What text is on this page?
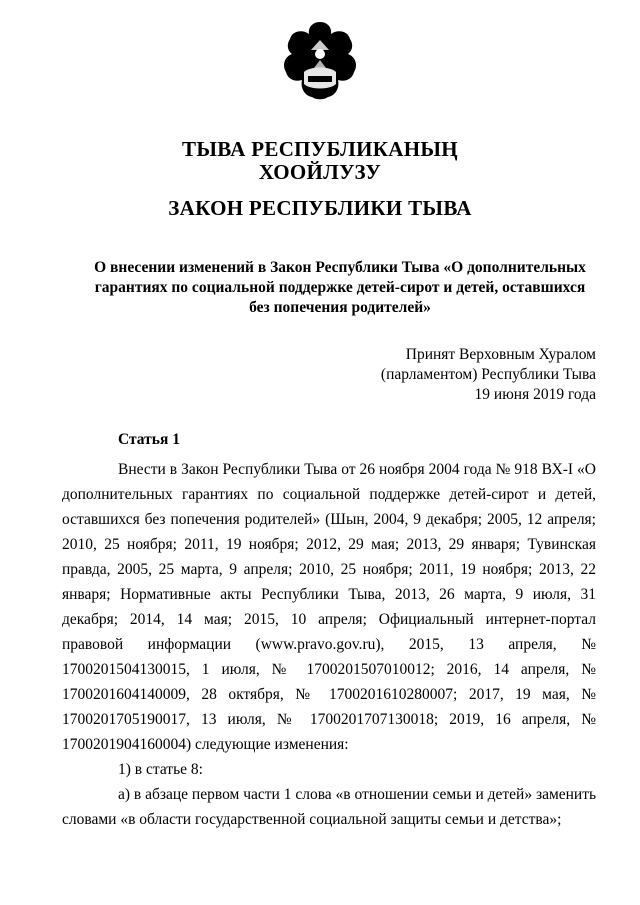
ТЫВА РЕСПУБЛИКАНЫҢ
ХООЙЛУЗУ
ЗАКОН РЕСПУБЛИКИ ТЫВА
О внесении изменений в Закон Республики Тыва «О дополнительных
гарантиях по социальной поддержке детей-сирот и детей, оставшихся
без попечения родителей»
Принят Верховным Хуралом
(парламентом) Республики Тыва
19 июня 2019 года
Статья 1
Внести в Закон Республики Тыва от 26 ноября 2004 года № 918 ВХ-I «О
дополнительных гарантиях по социальной поддержке детей-сирот и детей,
оставшихся без попечения родителей» (Шын, 2004, 9 декабря; 2005, 12 апреля;
2010, 25 ноября; 2011, 19 ноября; 2012, 29 мая; 2013, 29 января; Тувинская
правда, 2005, 25 марта, 9 апреля; 2010, 25 ноября; 2011, 19 ноября; 2013, 22
января; Нормативные акты Республики Тыва, 2013, 26 марта, 9 июля, 31
декабря; 2014, 14 мая; 2015, 10 апреля; Официальный интернет-портал
правовой информации (www.pravo.gov.ru), 2015, 13 апреля, №
1700201504130015, 1 июля, № 1700201507010012; 2016, 14 апреля, №
1700201604140009, 28 октября, № 1700201610280007; 2017, 19 мая, №
1700201705190017, 13 июля, № 1700201707130018; 2019, 16 апреля, №
1700201904160004) следующие изменения:
1) в статье 8:
а) в абзаце первом части 1 слова «в отношении семьи и детей» заменить
словами «в области государственной социальной защиты семьи и детства»;
